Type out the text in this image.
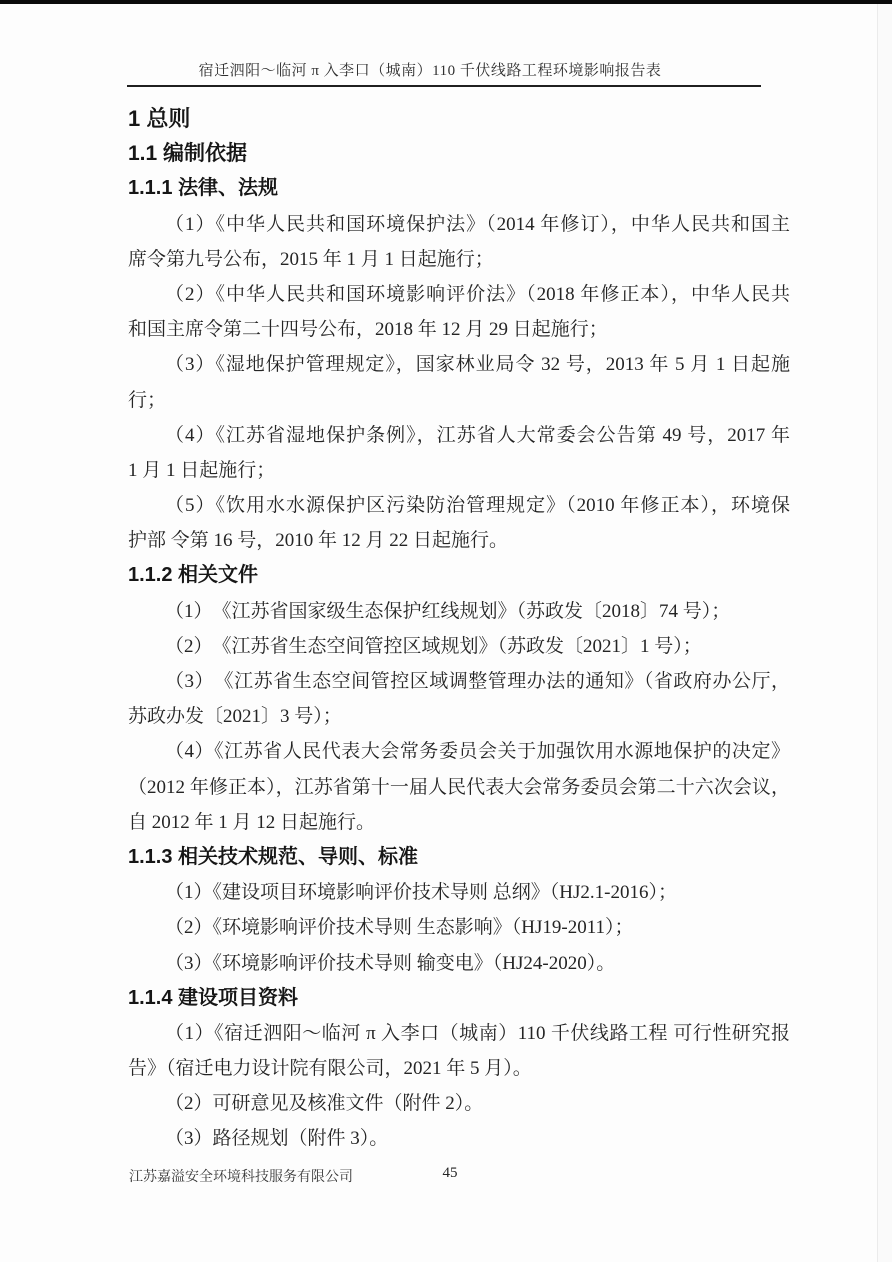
宿迁泗阳～临河 π 入李口（城南）110 千伏线路工程环境影响报告表
1 总则
1.1 编制依据
1.1.1 法律、法规
（1）《中华人民共和国环境保护法》（2014 年修订），中华人民共和国主
席令第九号公布，2015 年 1 月 1 日起施行；
（2）《中华人民共和国环境影响评价法》（2018 年修正本），中华人民共
和国主席令第二十四号公布，2018 年 12 月 29 日起施行；
（3）《湿地保护管理规定》，国家林业局令 32 号，2013 年 5 月 1 日起施
行；
（4）《江苏省湿地保护条例》，江苏省人大常委会公告第 49 号，2017 年
1 月 1 日起施行；
（5）《饮用水水源保护区污染防治管理规定》（2010 年修正本），环境保
护部 令第 16 号，2010 年 12 月 22 日起施行。
1.1.2 相关文件
（1）　《江苏省国家级生态保护红线规划》（苏政发〔2018〕74 号）；
（2）　《江苏省生态空间管控区域规划》（苏政发〔2021〕1 号）；
（3）　《江苏省生态空间管控区域调整管理办法的通知》（省政府办公厅，
苏政办发〔2021〕3 号）；
（4）《江苏省人民代表大会常务委员会关于加强饮用水源地保护的决定》
（2012 年修正本），江苏省第十一届人民代表大会常务委员会第二十六次会议，
自 2012 年 1 月 12 日起施行。
1.1.3 相关技术规范、导则、标准
（1）《建设项目环境影响评价技术导则 总纲》（HJ2.1-2016）；
（2）《环境影响评价技术导则 生态影响》（HJ19-2011）；
（3）《环境影响评价技术导则 输变电》（HJ24-2020）。
1.1.4 建设项目资料
（1）《宿迁泗阳～临河 π 入李口（城南）110 千伏线路工程 可行性研究报
告》（宿迁电力设计院有限公司，2021 年 5 月）。
（2）可研意见及核准文件（附件 2）。
（3）路径规划（附件 3）。
江苏嘉溢安全环境科技服务有限公司	45
